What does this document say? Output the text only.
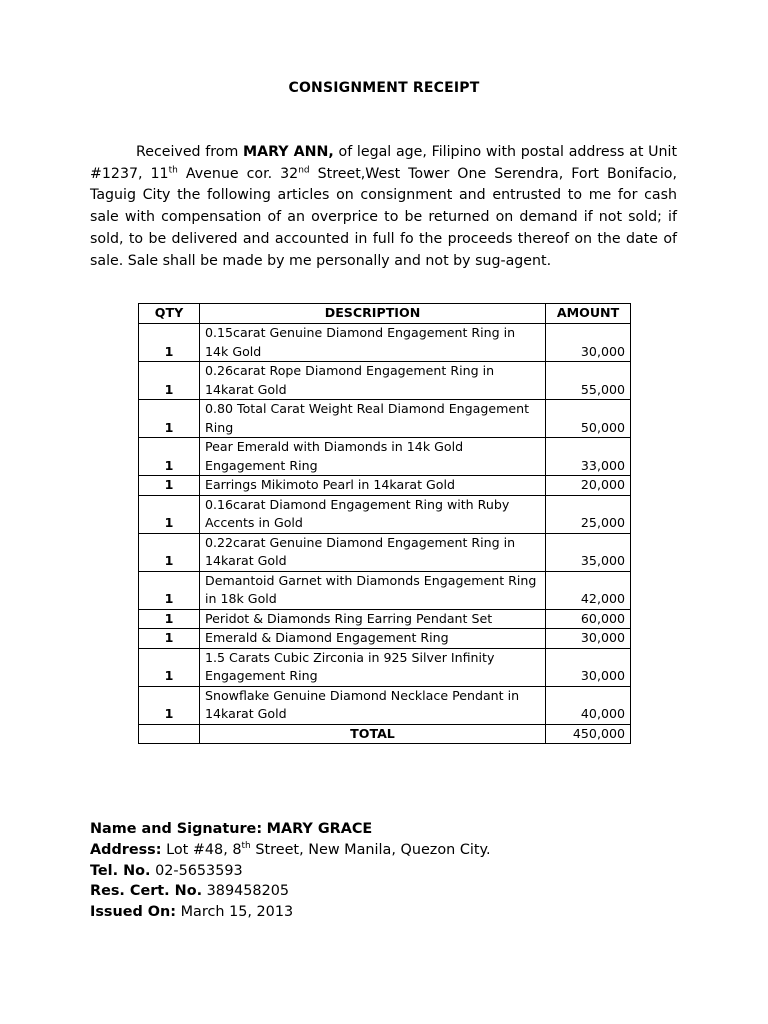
CONSIGNMENT RECEIPT

Received from MARY ANN, of legal age, Filipino with postal address at Unit #1237, 11th Avenue cor. 32nd Street,West Tower One Serendra, Fort Bonifacio, Taguig City the following articles on consignment and entrusted to me for cash sale with compensation of an overprice to be returned on demand if not sold; if sold, to be delivered and accounted in full fo the proceeds thereof on the date of sale. Sale shall be made by me personally and not by sug-agent.

QTY	DESCRIPTION	AMOUNT
1	0.15carat Genuine Diamond Engagement Ring in 14k Gold	30,000
1	0.26carat Rope Diamond Engagement Ring in 14karat Gold	55,000
1	0.80 Total Carat Weight Real Diamond Engagement Ring	50,000
1	Pear Emerald with Diamonds in 14k Gold Engagement Ring	33,000
1	Earrings Mikimoto Pearl in 14karat Gold	20,000
1	0.16carat Diamond Engagement Ring with Ruby Accents in Gold	25,000
1	0.22carat Genuine Diamond Engagement Ring in 14karat Gold	35,000
1	Demantoid Garnet with Diamonds Engagement Ring in 18k Gold	42,000
1	Peridot & Diamonds Ring Earring Pendant Set	60,000
1	Emerald & Diamond Engagement Ring	30,000
1	1.5 Carats Cubic Zirconia in 925 Silver Infinity Engagement Ring	30,000
1	Snowflake Genuine Diamond Necklace Pendant in 14karat Gold	40,000
	TOTAL	450,000
Name and Signature: MARY GRACE
Address: Lot #48, 8th Street, New Manila, Quezon City.
Tel. No. 02-5653593
Res. Cert. No. 389458205
Issued On: March 15, 2013
